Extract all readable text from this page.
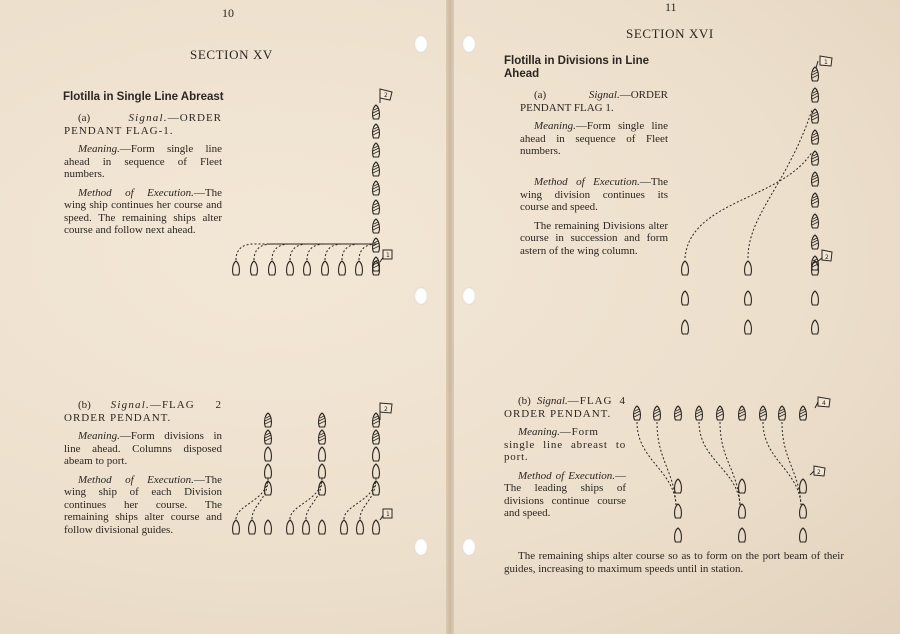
10
SECTION XV
Flotilla in Single Line Abreast

(a)	Signal.—ORDER PENDANT FLAG-1.

Meaning.—Form single line ahead in sequence of Fleet numbers.

Method of Execution.—The wing ship continues her course and speed. The remaining ships alter course and follow next ahead.

(b) Signal.—FLAG 2 ORDER PENDANT.

Meaning.—Form divisions in line ahead. Columns disposed abeam to port.

Method of Execution.—The wing ship of each Division continues her course. The remaining ships alter course and follow divisional guides.

2
1
2
1
11
SECTION XVI
Flotilla in Divisions in Line Ahead

(a)	Signal.—ORDER PENDANT FLAG 1.

Meaning.—Form single line ahead in sequence of Fleet numbers.

Method of Execution.—The wing division continues its course and speed.

The remaining Divisions alter course in succession and form astern of the wing column.

(b) Signal.—FLAG 4 ORDER PENDANT.

Meaning.—Form single line abreast to port.

Method of Execution.—The leading ships of divisions continue course and speed.

The remaining ships alter course so as to form on the port beam of their guides, increasing to maximum speeds until in station.
1
2
4
2
